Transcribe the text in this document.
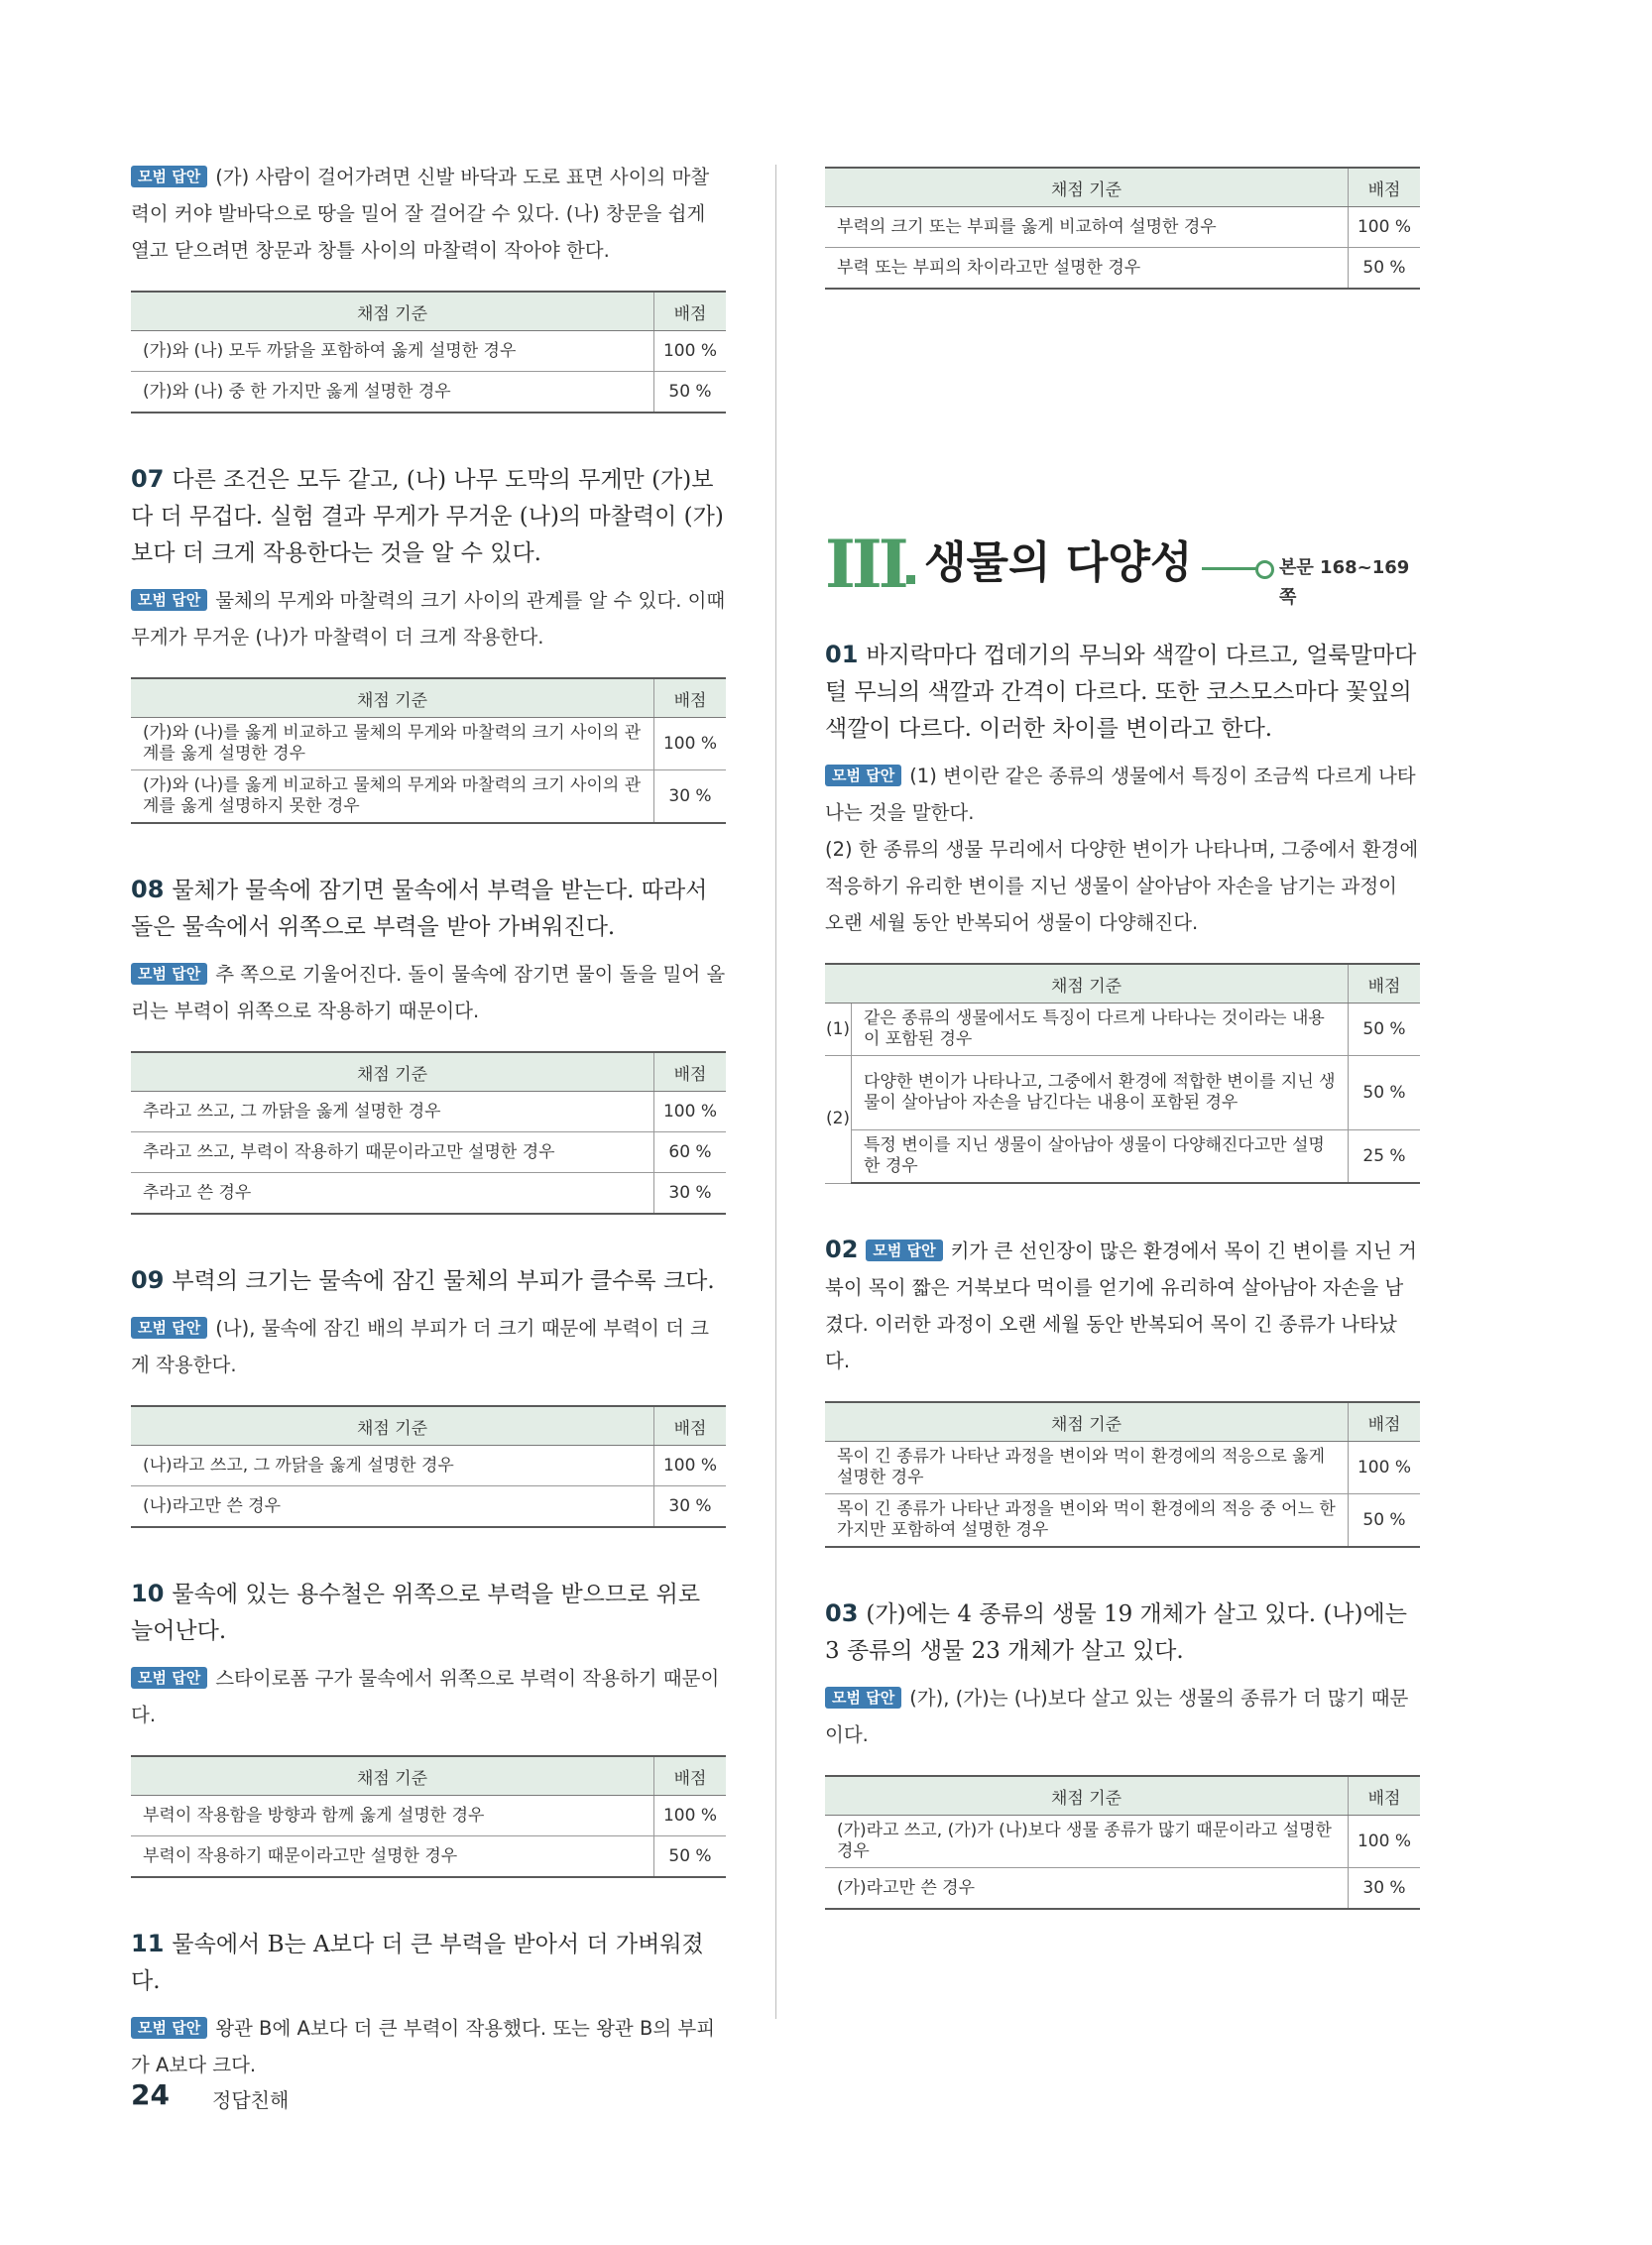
모범 답안 (가) 사람이 걸어가려면 신발 바닥과 도로 표면 사이의 마찰력이 커야 발바닥으로 땅을 밀어 잘 걸어갈 수 있다. (나) 창문을 쉽게 열고 닫으려면 창문과 창틀 사이의 마찰력이 작아야 한다.

채점 기준	배점
(가)와 (나) 모두 까닭을 포함하여 옳게 설명한 경우	100 %
(가)와 (나) 중 한 가지만 옳게 설명한 경우	50 %

07 다른 조건은 모두 같고, (나) 나무 도막의 무게만 (가)보다 더 무겁다. 실험 결과 무게가 무거운 (나)의 마찰력이 (가)보다 더 크게 작용한다는 것을 알 수 있다.

모범 답안 물체의 무게와 마찰력의 크기 사이의 관계를 알 수 있다. 이때 무게가 무거운 (나)가 마찰력이 더 크게 작용한다.

채점 기준	배점
(가)와 (나)를 옳게 비교하고 물체의 무게와 마찰력의 크기 사이의 관계를 옳게 설명한 경우	100 %
(가)와 (나)를 옳게 비교하고 물체의 무게와 마찰력의 크기 사이의 관계를 옳게 설명하지 못한 경우	30 %

08 물체가 물속에 잠기면 물속에서 부력을 받는다. 따라서 돌은 물속에서 위쪽으로 부력을 받아 가벼워진다.

모범 답안 추 쪽으로 기울어진다. 돌이 물속에 잠기면 물이 돌을 밀어 올리는 부력이 위쪽으로 작용하기 때문이다.

채점 기준	배점
추라고 쓰고, 그 까닭을 옳게 설명한 경우	100 %
추라고 쓰고, 부력이 작용하기 때문이라고만 설명한 경우	60 %
추라고 쓴 경우	30 %

09 부력의 크기는 물속에 잠긴 물체의 부피가 클수록 크다.

모범 답안 (나), 물속에 잠긴 배의 부피가 더 크기 때문에 부력이 더 크게 작용한다.

채점 기준	배점
(나)라고 쓰고, 그 까닭을 옳게 설명한 경우	100 %
(나)라고만 쓴 경우	30 %

10 물속에 있는 용수철은 위쪽으로 부력을 받으므로 위로 늘어난다.

모범 답안 스타이로폼 구가 물속에서 위쪽으로 부력이 작용하기 때문이다.

채점 기준	배점
부력이 작용함을 방향과 함께 옳게 설명한 경우	100 %
부력이 작용하기 때문이라고만 설명한 경우	50 %

11 물속에서 B는 A보다 더 큰 부력을 받아서 더 가벼워졌다.

모범 답안 왕관 B에 A보다 더 큰 부력이 작용했다. 또는 왕관 B의 부피가 A보다 크다.

채점 기준	배점
부력의 크기 또는 부피를 옳게 비교하여 설명한 경우	100 %
부력 또는 부피의 차이라고만 설명한 경우	50 %
III 생물의 다양성	본문 168~169쪽

01 바지락마다 껍데기의 무늬와 색깔이 다르고, 얼룩말마다 털 무늬의 색깔과 간격이 다르다. 또한 코스모스마다 꽃잎의 색깔이 다르다. 이러한 차이를 변이라고 한다.

모범 답안 (1) 변이란 같은 종류의 생물에서 특징이 조금씩 다르게 나타나는 것을 말한다.

(2) 한 종류의 생물 무리에서 다양한 변이가 나타나며, 그중에서 환경에 적응하기 유리한 변이를 지닌 생물이 살아남아 자손을 남기는 과정이 오랜 세월 동안 반복되어 생물이 다양해진다.

채점 기준		배점
(1)	같은 종류의 생물에서도 특징이 다르게 나타나는 것이라는 내용이 포함된 경우	50 %
(2)	다양한 변이가 나타나고, 그중에서 환경에 적합한 변이를 지닌 생물이 살아남아 자손을 남긴다는 내용이 포함된 경우	50 %
	특정 변이를 지닌 생물이 살아남아 생물이 다양해진다고만 설명한 경우	25 %

02 모범 답안 키가 큰 선인장이 많은 환경에서 목이 긴 변이를 지닌 거북이 목이 짧은 거북보다 먹이를 얻기에 유리하여 살아남아 자손을 남겼다. 이러한 과정이 오랜 세월 동안 반복되어 목이 긴 종류가 나타났다.

채점 기준	배점
목이 긴 종류가 나타난 과정을 변이와 먹이 환경에의 적응으로 옳게 설명한 경우	100 %
목이 긴 종류가 나타난 과정을 변이와 먹이 환경에의 적응 중 어느 한 가지만 포함하여 설명한 경우	50 %

03 (가)에는 4 종류의 생물 19 개체가 살고 있다. (나)에는 3 종류의 생물 23 개체가 살고 있다.

모범 답안 (가), (가)는 (나)보다 살고 있는 생물의 종류가 더 많기 때문이다.

채점 기준	배점
(가)라고 쓰고, (가)가 (나)보다 생물 종류가 많기 때문이라고 설명한 경우	100 %
(가)라고만 쓴 경우	30 %
24 정답친해
